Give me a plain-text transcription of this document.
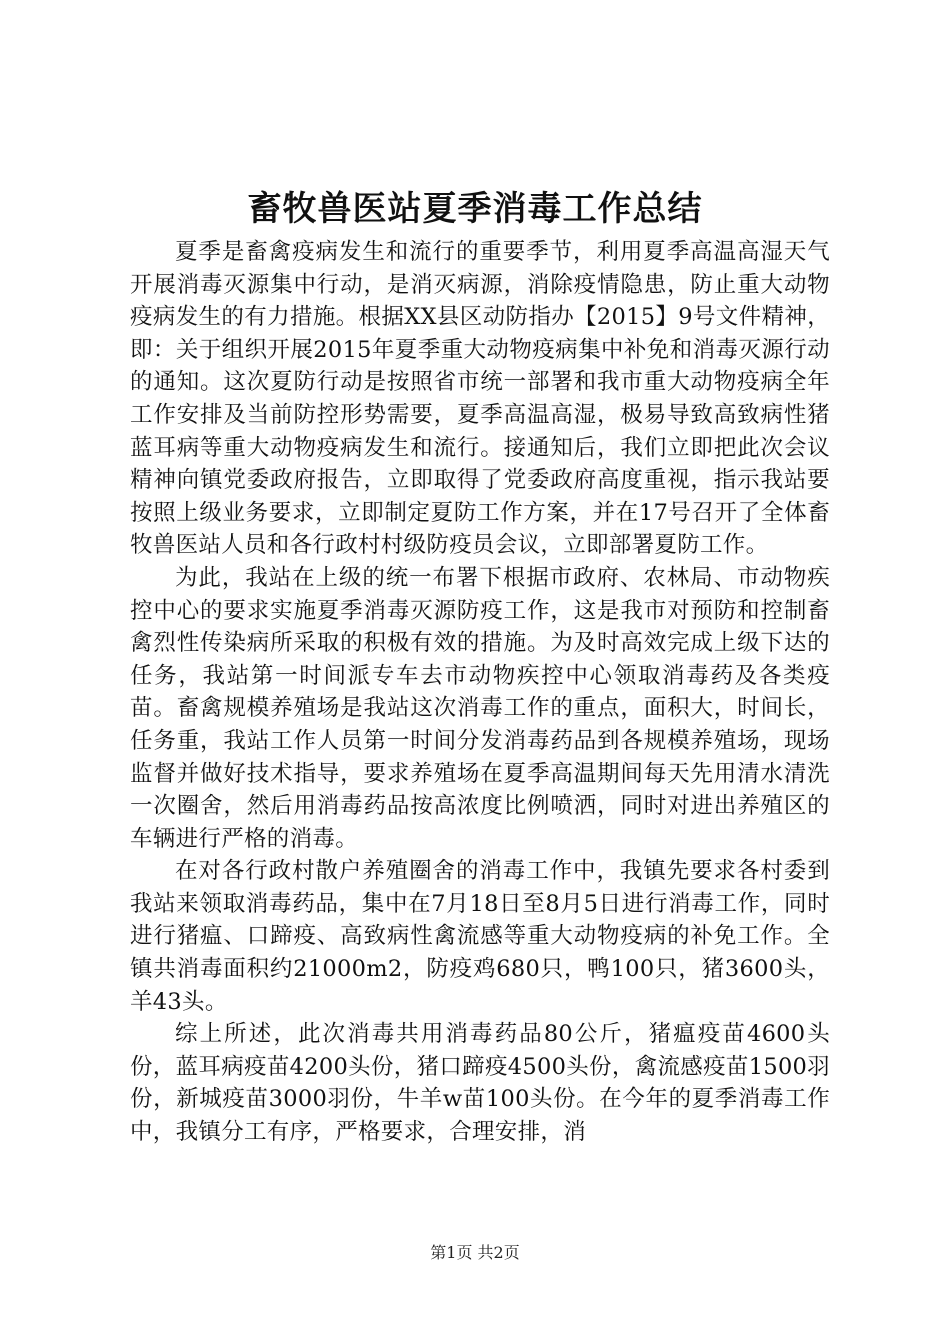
畜牧兽医站夏季消毒工作总结

夏季是畜禽疫病发生和流行的重要季节，利用夏季高温高湿天气开展消毒灭源集中行动，是消灭病源，消除疫情隐患，防止重大动物疫病发生的有力措施。根据XX县区动防指办【2015】9号文件精神，即：关于组织开展2015年夏季重大动物疫病集中补免和消毒灭源行动的通知。这次夏防行动是按照省市统一部署和我市重大动物疫病全年工作安排及当前防控形势需要，夏季高温高湿，极易导致高致病性猪蓝耳病等重大动物疫病发生和流行。接通知后，我们立即把此次会议精神向镇党委政府报告，立即取得了党委政府高度重视，指示我站要按照上级业务要求，立即制定夏防工作方案，并在17号召开了全体畜牧兽医站人员和各行政村村级防疫员会议，立即部署夏防工作。

为此，我站在上级的统一布署下根据市政府、农林局、市动物疾控中心的要求实施夏季消毒灭源防疫工作，这是我市对预防和控制畜禽烈性传染病所采取的积极有效的措施。为及时高效完成上级下达的任务，我站第一时间派专车去市动物疾控中心领取消毒药及各类疫苗。畜禽规模养殖场是我站这次消毒工作的重点，面积大，时间长，任务重，我站工作人员第一时间分发消毒药品到各规模养殖场，现场监督并做好技术指导，要求养殖场在夏季高温期间每天先用清水清洗一次圈舍，然后用消毒药品按高浓度比例喷洒，同时对进出养殖区的车辆进行严格的消毒。

在对各行政村散户养殖圈舍的消毒工作中，我镇先要求各村委到我站来领取消毒药品，集中在7月18日至8月5日进行消毒工作，同时进行猪瘟、口蹄疫、高致病性禽流感等重大动物疫病的补免工作。全镇共消毒面积约21000m2，防疫鸡680只，鸭100只，猪3600头，羊43头。

综上所述，此次消毒共用消毒药品80公斤，猪瘟疫苗4600头份，蓝耳病疫苗4200头份，猪口蹄疫4500头份，禽流感疫苗1500羽份，新城疫苗3000羽份，牛羊w苗100头份。在今年的夏季消毒工作中，我镇分工有序，严格要求，合理安排，消

第1页 共2页
